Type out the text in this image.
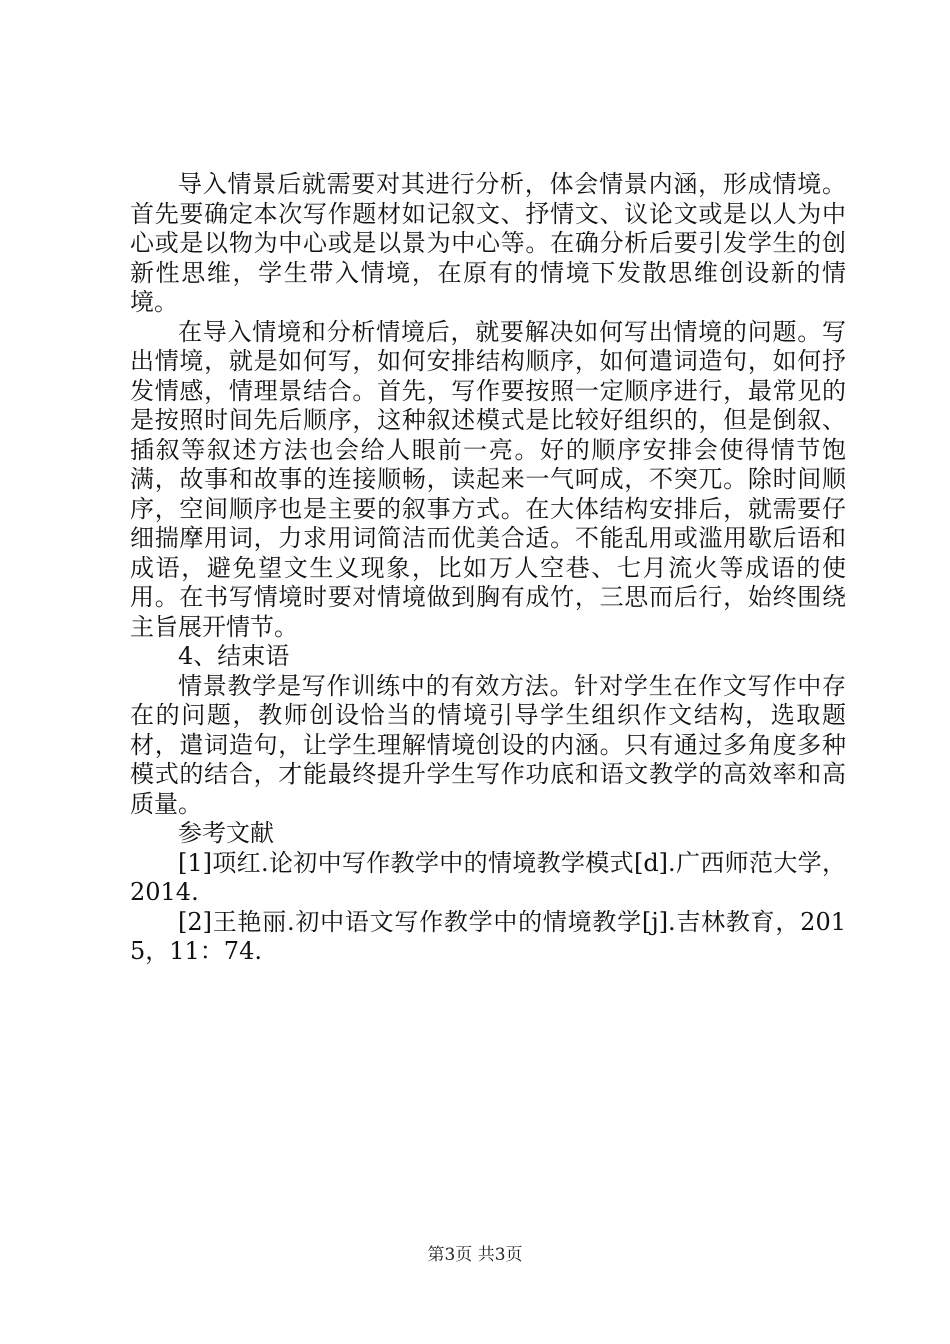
导入情景后就需要对其进行分析，体会情景内涵，形成情境。首先要确定本次写作题材如记叙文、抒情文、议论文或是以人为中心或是以物为中心或是以景为中心等。在确分析后要引发学生的创新性思维，学生带入情境，在原有的情境下发散思维创设新的情境。

在导入情境和分析情境后，就要解决如何写出情境的问题。写出情境，就是如何写，如何安排结构顺序，如何遣词造句，如何抒发情感，情理景结合。首先，写作要按照一定顺序进行，最常见的是按照时间先后顺序，这种叙述模式是比较好组织的，但是倒叙、插叙等叙述方法也会给人眼前一亮。好的顺序安排会使得情节饱满，故事和故事的连接顺畅，读起来一气呵成，不突兀。除时间顺序，空间顺序也是主要的叙事方式。在大体结构安排后，就需要仔细揣摩用词，力求用词简洁而优美合适。不能乱用或滥用歇后语和成语，避免望文生义现象，比如万人空巷、七月流火等成语的使用。在书写情境时要对情境做到胸有成竹，三思而后行，始终围绕主旨展开情节。

4、结束语

情景教学是写作训练中的有效方法。针对学生在作文写作中存在的问题，教师创设恰当的情境引导学生组织作文结构，选取题材，遣词造句，让学生理解情境创设的内涵。只有通过多角度多种模式的结合，才能最终提升学生写作功底和语文教学的高效率和高质量。

参考文献

[1]项红.论初中写作教学中的情境教学模式[d].广西师范大学，2014.

[2]王艳丽.初中语文写作教学中的情境教学[j].吉林教育，2015，11：74.

第3页 共3页
